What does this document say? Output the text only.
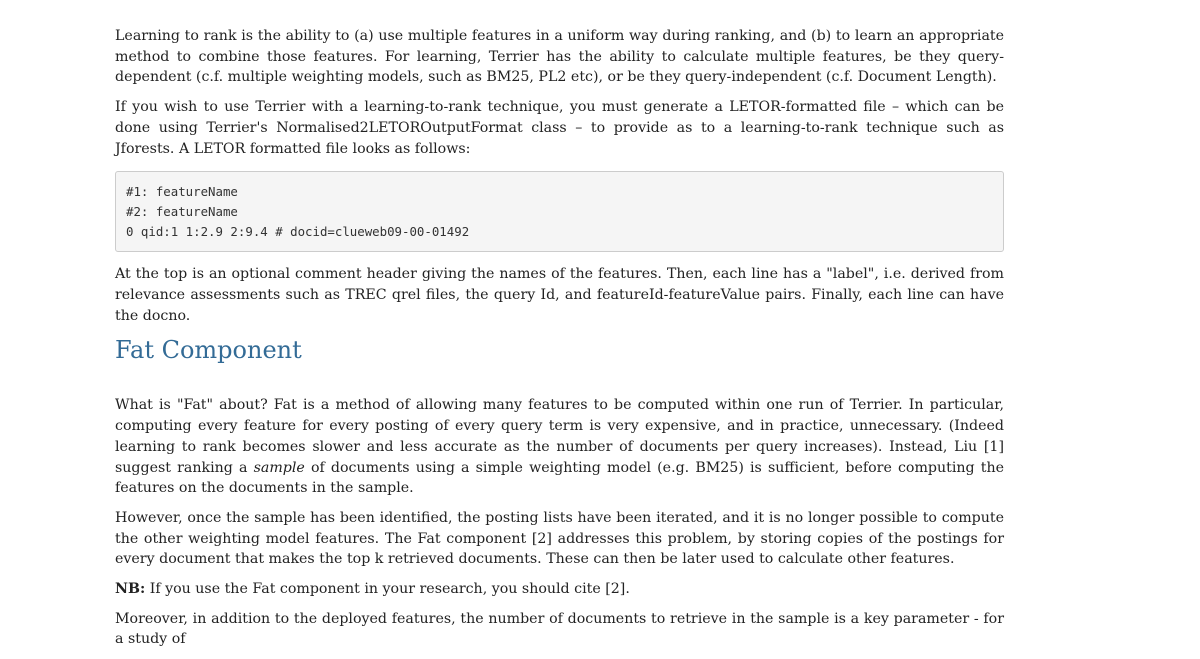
Learning to rank is the ability to (a) use multiple features in a uniform way during ranking, and (b) to learn an appropriate method to combine those features. For learning, Terrier has the ability to calculate multiple features, be they query-dependent (c.f. multiple weighting models, such as BM25, PL2 etc), or be they query-independent (c.f. Document Length).

If you wish to use Terrier with a learning-to-rank technique, you must generate a LETOR-formatted file – which can be done using Terrier's Normalised2LETOROutputFormat class – to provide as to a learning-to-rank technique such as Jforests. A LETOR formatted file looks as follows:

#1: featureName
#2: featureName
0 qid:1 1:2.9 2:9.4 # docid=clueweb09-00-01492

At the top is an optional comment header giving the names of the features. Then, each line has a "label", i.e. derived from relevance assessments such as TREC qrel files, the query Id, and featureId-featureValue pairs. Finally, each line can have the docno.

Fat Component

What is "Fat" about? Fat is a method of allowing many features to be computed within one run of Terrier. In particular, computing every feature for every posting of every query term is very expensive, and in practice, unnecessary. (Indeed learning to rank becomes slower and less accurate as the number of documents per query increases). Instead, Liu [1] suggest ranking a sample of documents using a simple weighting model (e.g. BM25) is sufficient, before computing the features on the documents in the sample.

However, once the sample has been identified, the posting lists have been iterated, and it is no longer possible to compute the other weighting model features. The Fat component [2] addresses this problem, by storing copies of the postings for every document that makes the top k retrieved documents. These can then be later used to calculate other features.

NB: If you use the Fat component in your research, you should cite [2].

Moreover, in addition to the deployed features, the number of documents to retrieve in the sample is a key parameter - for a study of
